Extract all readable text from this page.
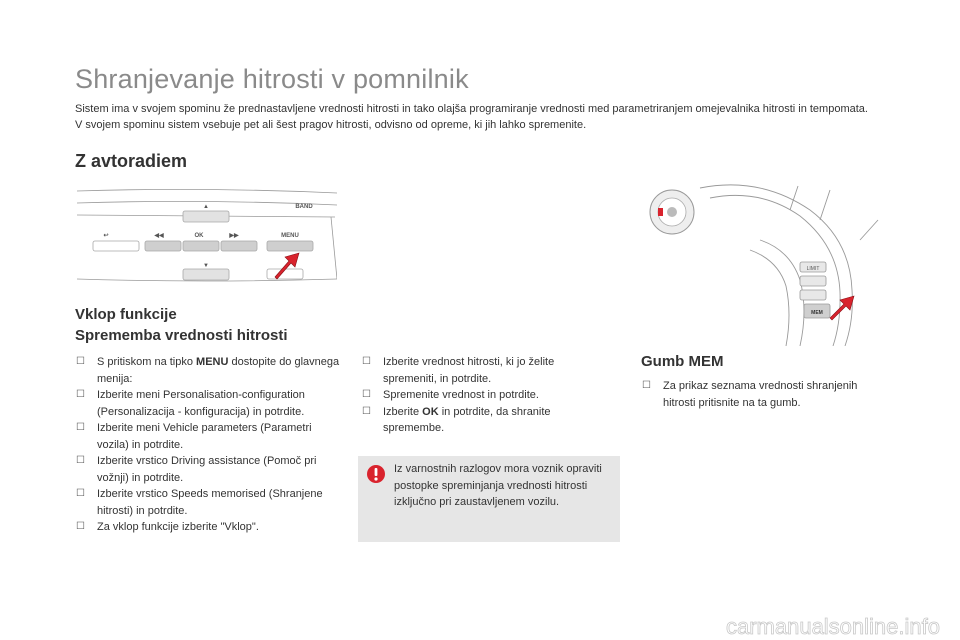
Shranjevanje hitrosti v pomnilnik

Sistem ima v svojem spominu že prednastavljene vrednosti hitrosti in tako olajša programiranje vrednosti med parametriranjem omejevalnika hitrosti in tempomata.

V svojem spominu sistem vsebuje pet ali šest pragov hitrosti, odvisno od opreme, ki jih lahko spremenite.

Z avtoradiem
▲
▼
◀◀	▶▶
↩	OK	MENU
BAND
LIMIT
MEM
Vklop funkcije
Sprememba vrednosti hitrosti
☐ S pritiskom na tipko MENU dostopite do glavnega menija:
☐ Izberite meni Personalisation-configuration (Personalizacija - konfiguracija) in potrdite.
☐ Izberite meni Vehicle parameters (Parametri vozila) in potrdite.
☐ Izberite vrstico Driving assistance (Pomoč pri vožnji) in potrdite.
☐ Izberite vrstico Speeds memorised (Shranjene hitrosti) in potrdite.
☐ Za vklop funkcije izberite "Vklop".
☐ Izberite vrednost hitrosti, ki jo želite spremeniti, in potrdite.
☐ Spremenite vrednost in potrdite.
☐ Izberite OK in potrdite, da shranite spremembe.
Iz varnostnih razlogov mora voznik opraviti postopke spreminjanja vrednosti hitrosti izključno pri zaustavljenem vozilu.
Gumb MEM
☐ Za prikaz seznama vrednosti shranjenih hitrosti pritisnite na ta gumb.
carmanualsonline.info
